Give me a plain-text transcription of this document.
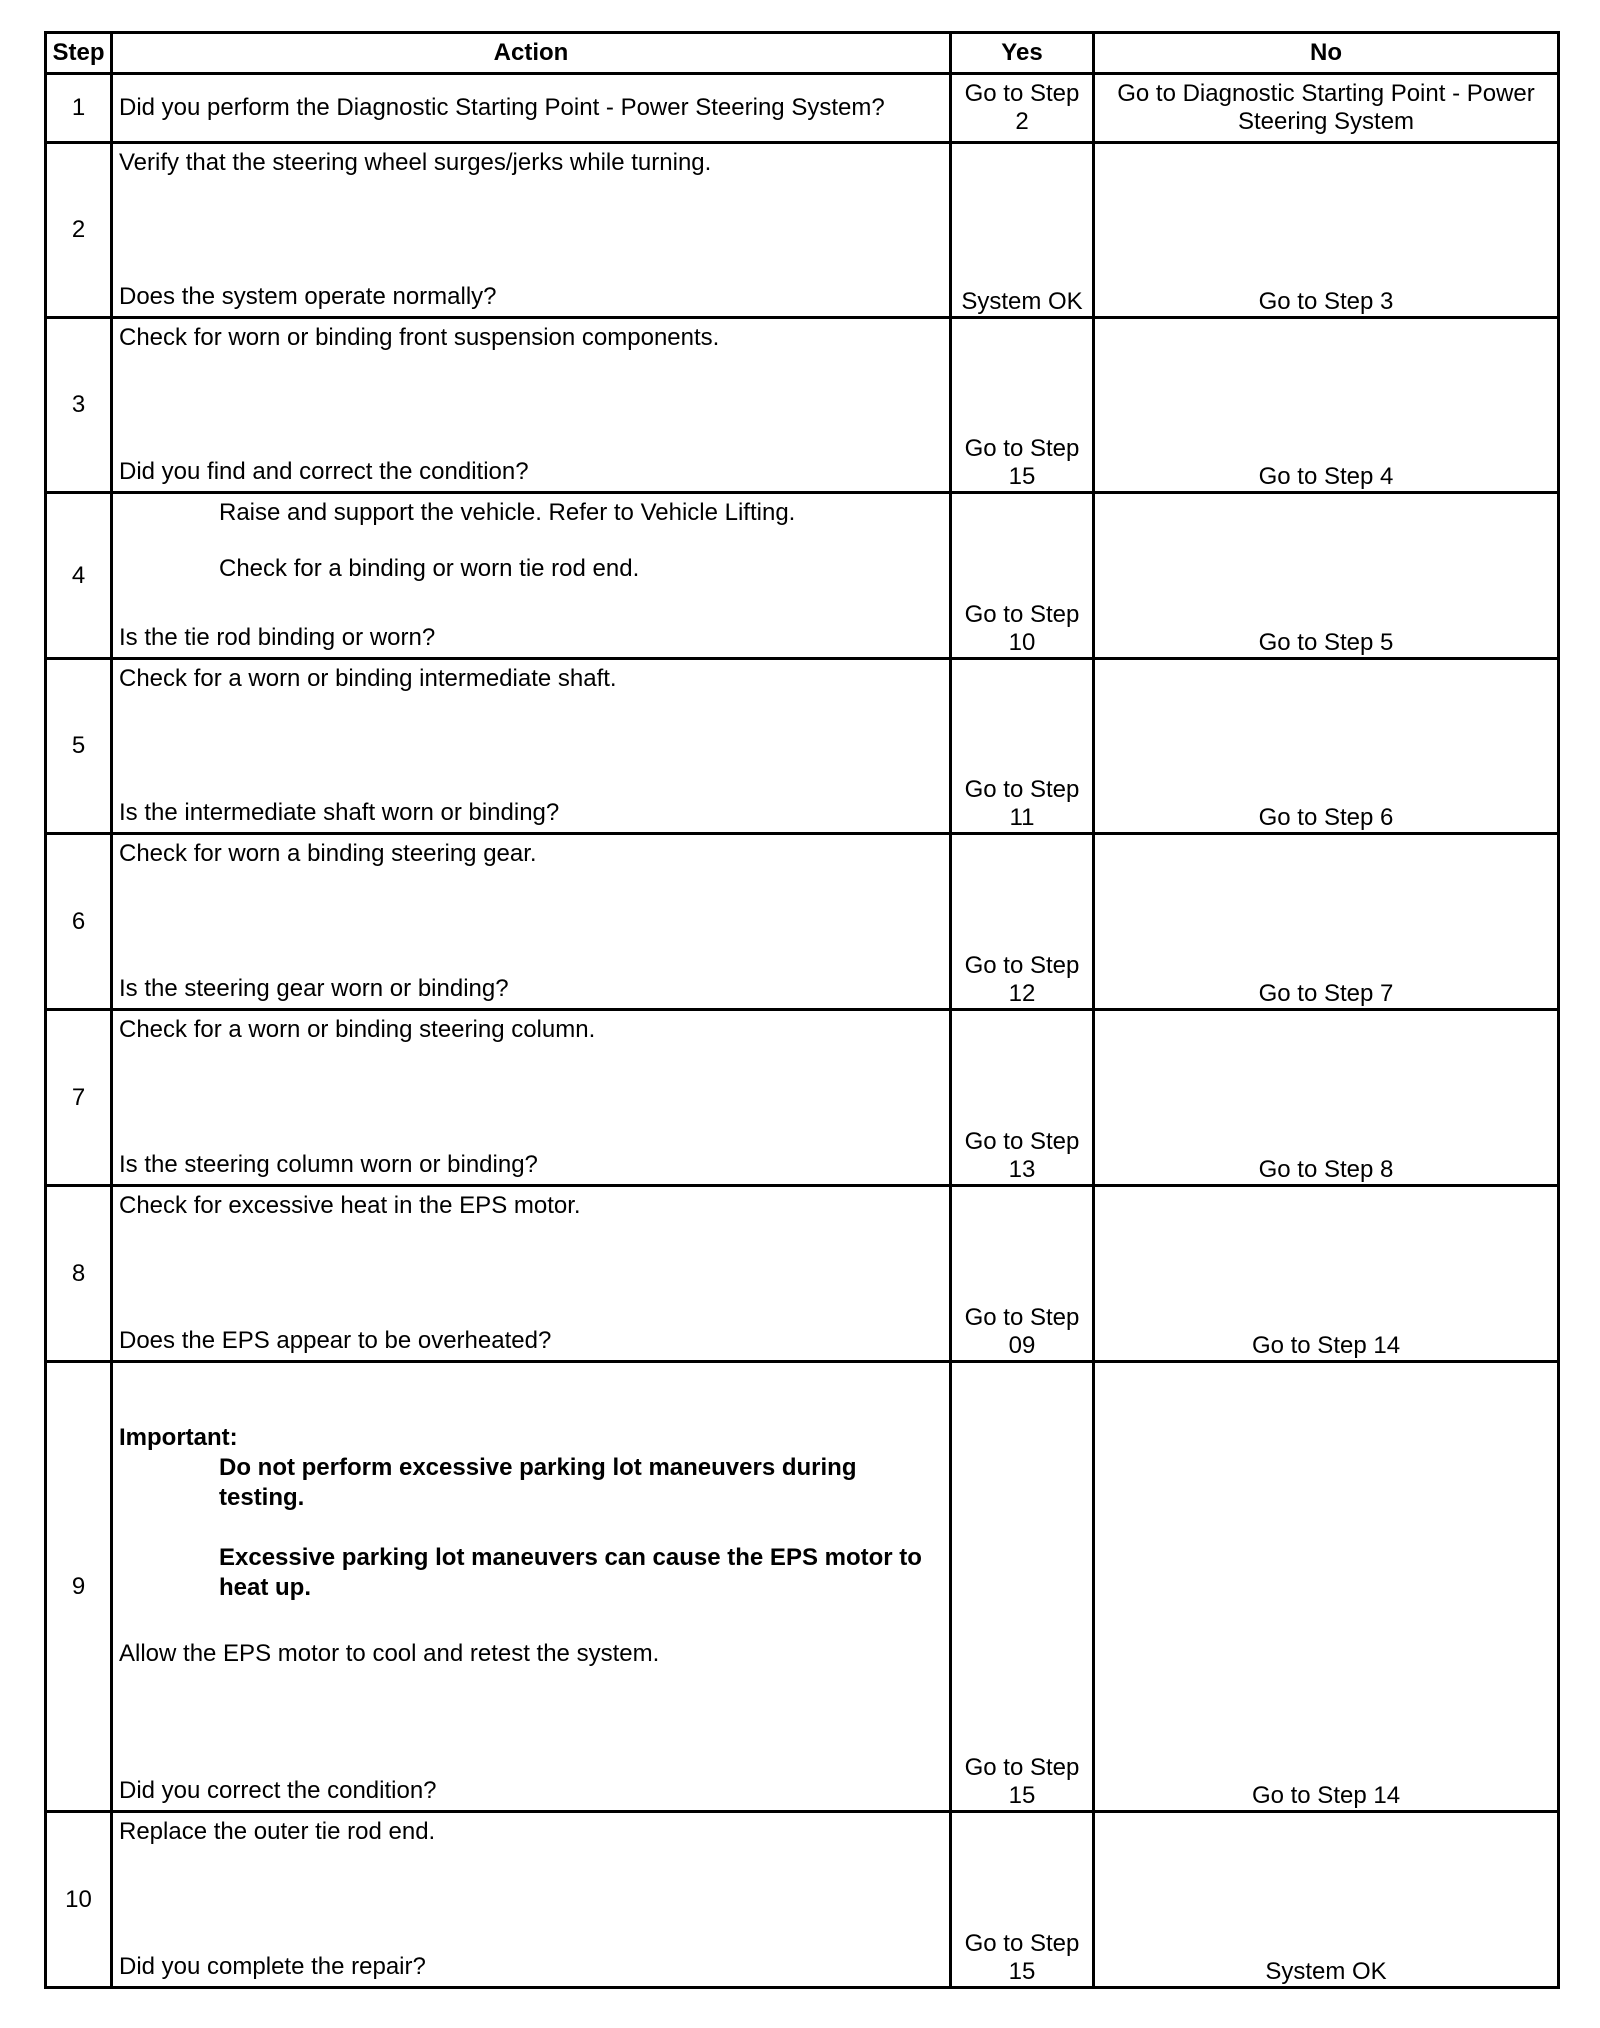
Step	Action	Yes	No
1	Did you perform the Diagnostic Starting Point - Power Steering System?	Go to Step 2	Go to Diagnostic Starting Point - Power Steering System

2	Verify that the steering wheel surges/jerks while turning.
Does the system operate normally?	System OK	Go to Step 3

3	Check for worn or binding front suspension components.
Did you find and correct the condition?	Go to Step 15	Go to Step 4

4	Raise and support the vehicle. Refer to Vehicle Lifting.
Check for a binding or worn tie rod end.
Is the tie rod binding or worn?	Go to Step 10	Go to Step 5

5	Check for a worn or binding intermediate shaft.
Is the intermediate shaft worn or binding?	Go to Step 11	Go to Step 6

6	Check for worn a binding steering gear.
Is the steering gear worn or binding?	Go to Step 12	Go to Step 7

7	Check for a worn or binding steering column.
Is the steering column worn or binding?	Go to Step 13	Go to Step 8

8	Check for excessive heat in the EPS motor.
Does the EPS appear to be overheated?	Go to Step 09	Go to Step 14

9	Important:
Do not perform excessive parking lot maneuvers during testing.
Excessive parking lot maneuvers can cause the EPS motor to heat up.
Allow the EPS motor to cool and retest the system.
Did you correct the condition?	Go to Step 15	Go to Step 14

10	Replace the outer tie rod end.
Did you complete the repair?	Go to Step 15	System OK
